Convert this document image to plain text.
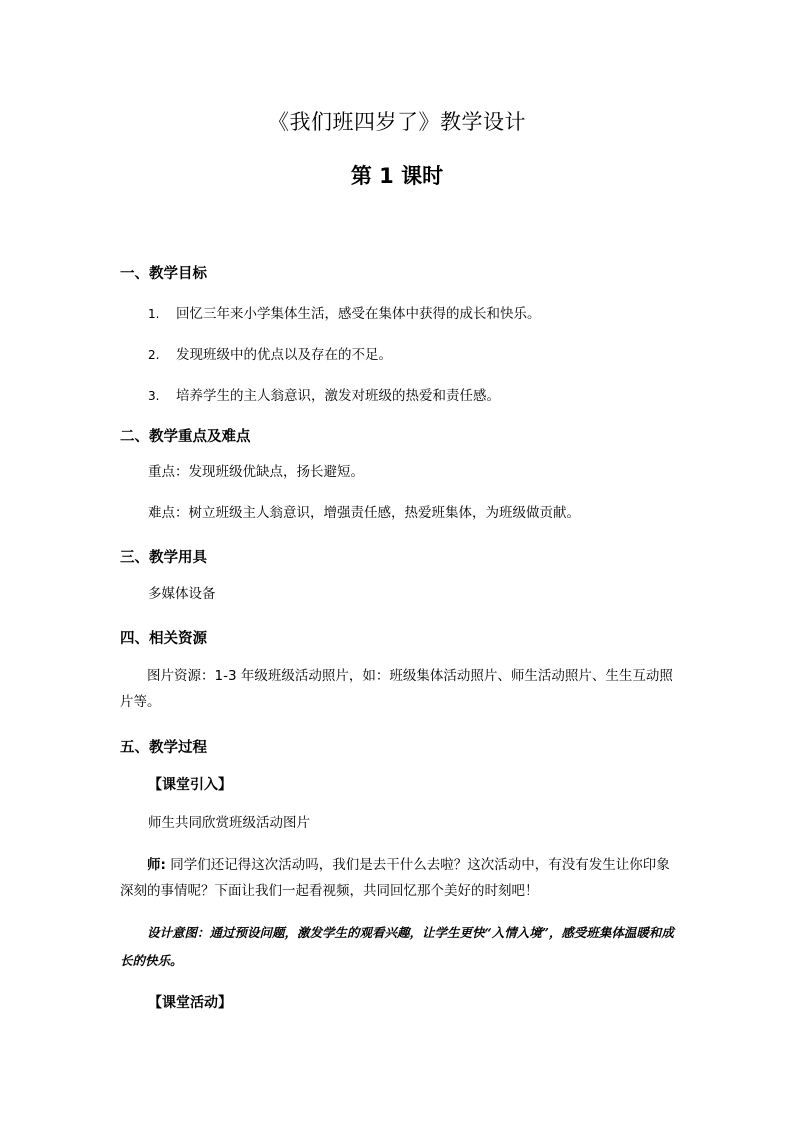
《我们班四岁了》教学设计
第 1 课时
一、教学目标
1. 回忆三年来小学集体生活，感受在集体中获得的成长和快乐。
2. 发现班级中的优点以及存在的不足。
3. 培养学生的主人翁意识，激发对班级的热爱和责任感。
二、教学重点及难点
重点：发现班级优缺点，扬长避短。
难点：树立班级主人翁意识，增强责任感，热爱班集体，为班级做贡献。
三、教学用具
多媒体设备
四、相关资源
图片资源：1-3 年级班级活动照片，如：班级集体活动照片、师生活动照片、生生互动照片等。
五、教学过程
【课堂引入】
师生共同欣赏班级活动图片
师: 同学们还记得这次活动吗，我们是去干什么去啦？这次活动中，有没有发生让你印象深刻的事情呢？下面让我们一起看视频，共同回忆那个美好的时刻吧！
设计意图：通过预设问题，激发学生的观看兴趣，让学生更快“入情入境”，感受班集体温暖和成长的快乐。
【课堂活动】
